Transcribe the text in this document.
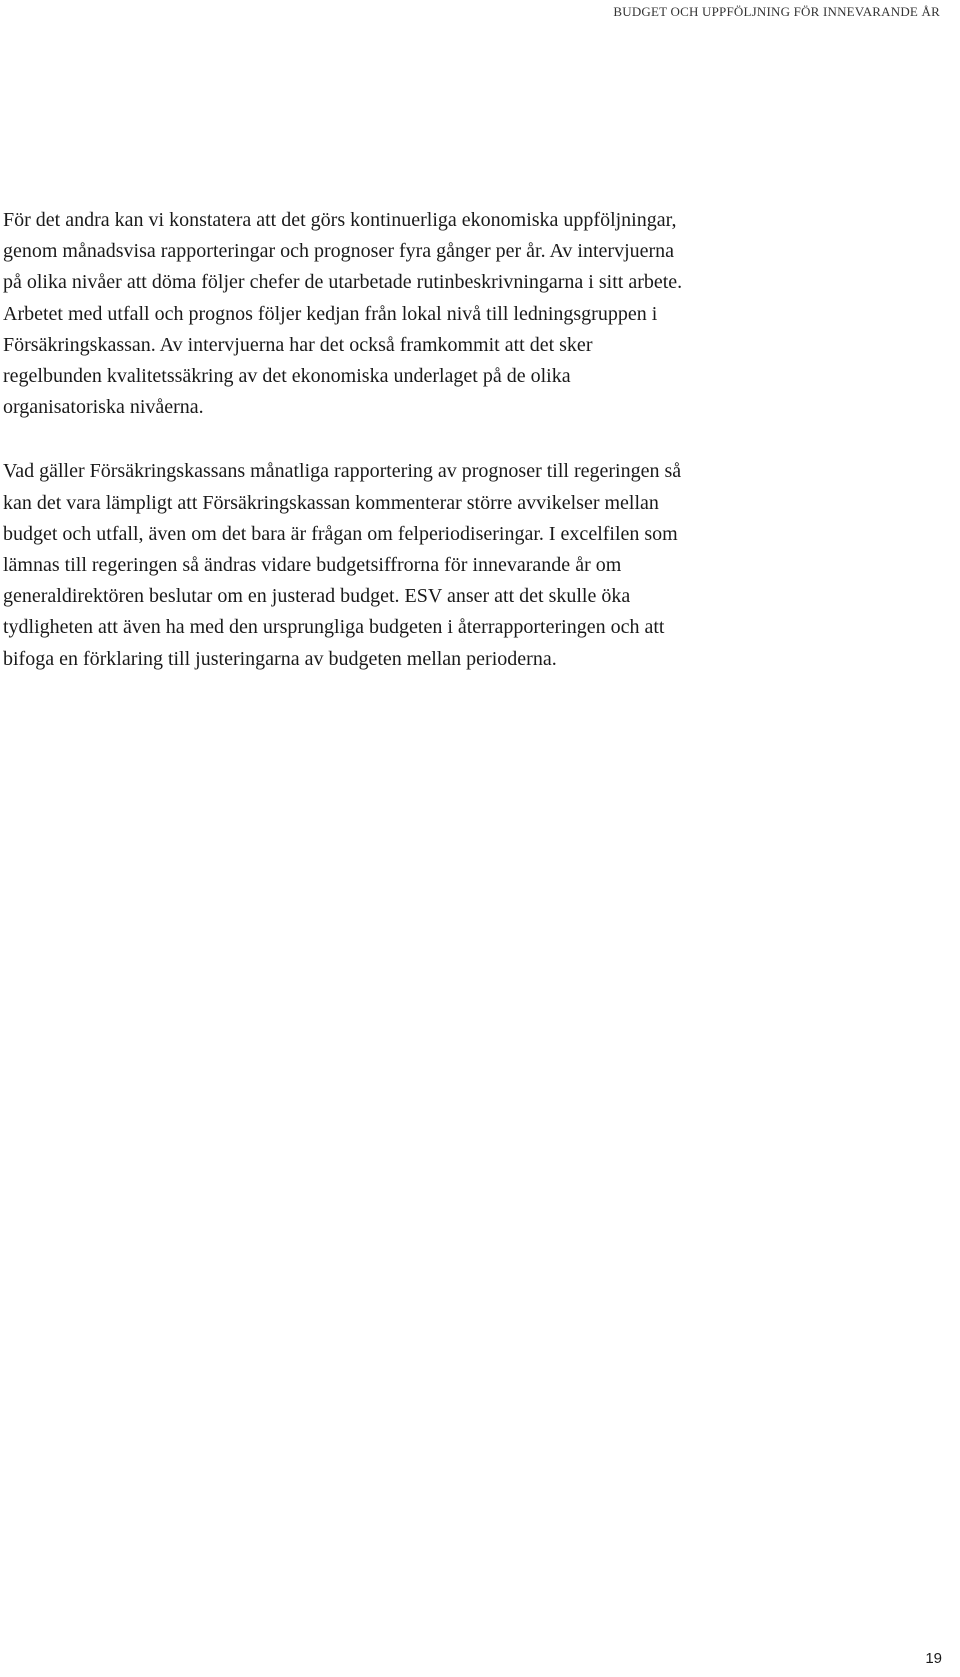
BUDGET OCH UPPFÖLJNING FÖR INNEVARANDE ÅR

För det andra kan vi konstatera att det görs kontinuerliga ekonomiska uppföljningar,
genom månadsvisa rapporteringar och prognoser fyra gånger per år. Av intervjuerna
på olika nivåer att döma följer chefer de utarbetade rutinbeskrivningarna i sitt arbete.
Arbetet med utfall och prognos följer kedjan från lokal nivå till ledningsgruppen i
Försäkringskassan. Av intervjuerna har det också framkommit att det sker
regelbunden kvalitetssäkring av det ekonomiska underlaget på de olika
organisatoriska nivåerna.

Vad gäller Försäkringskassans månatliga rapportering av prognoser till regeringen så
kan det vara lämpligt att Försäkringskassan kommenterar större avvikelser mellan
budget och utfall, även om det bara är frågan om felperiodiseringar. I excelfilen som
lämnas till regeringen så ändras vidare budgetsiffrorna för innevarande år om
generaldirektören beslutar om en justerad budget. ESV anser att det skulle öka
tydligheten att även ha med den ursprungliga budgeten i återrapporteringen och att
bifoga en förklaring till justeringarna av budgeten mellan perioderna.

19
